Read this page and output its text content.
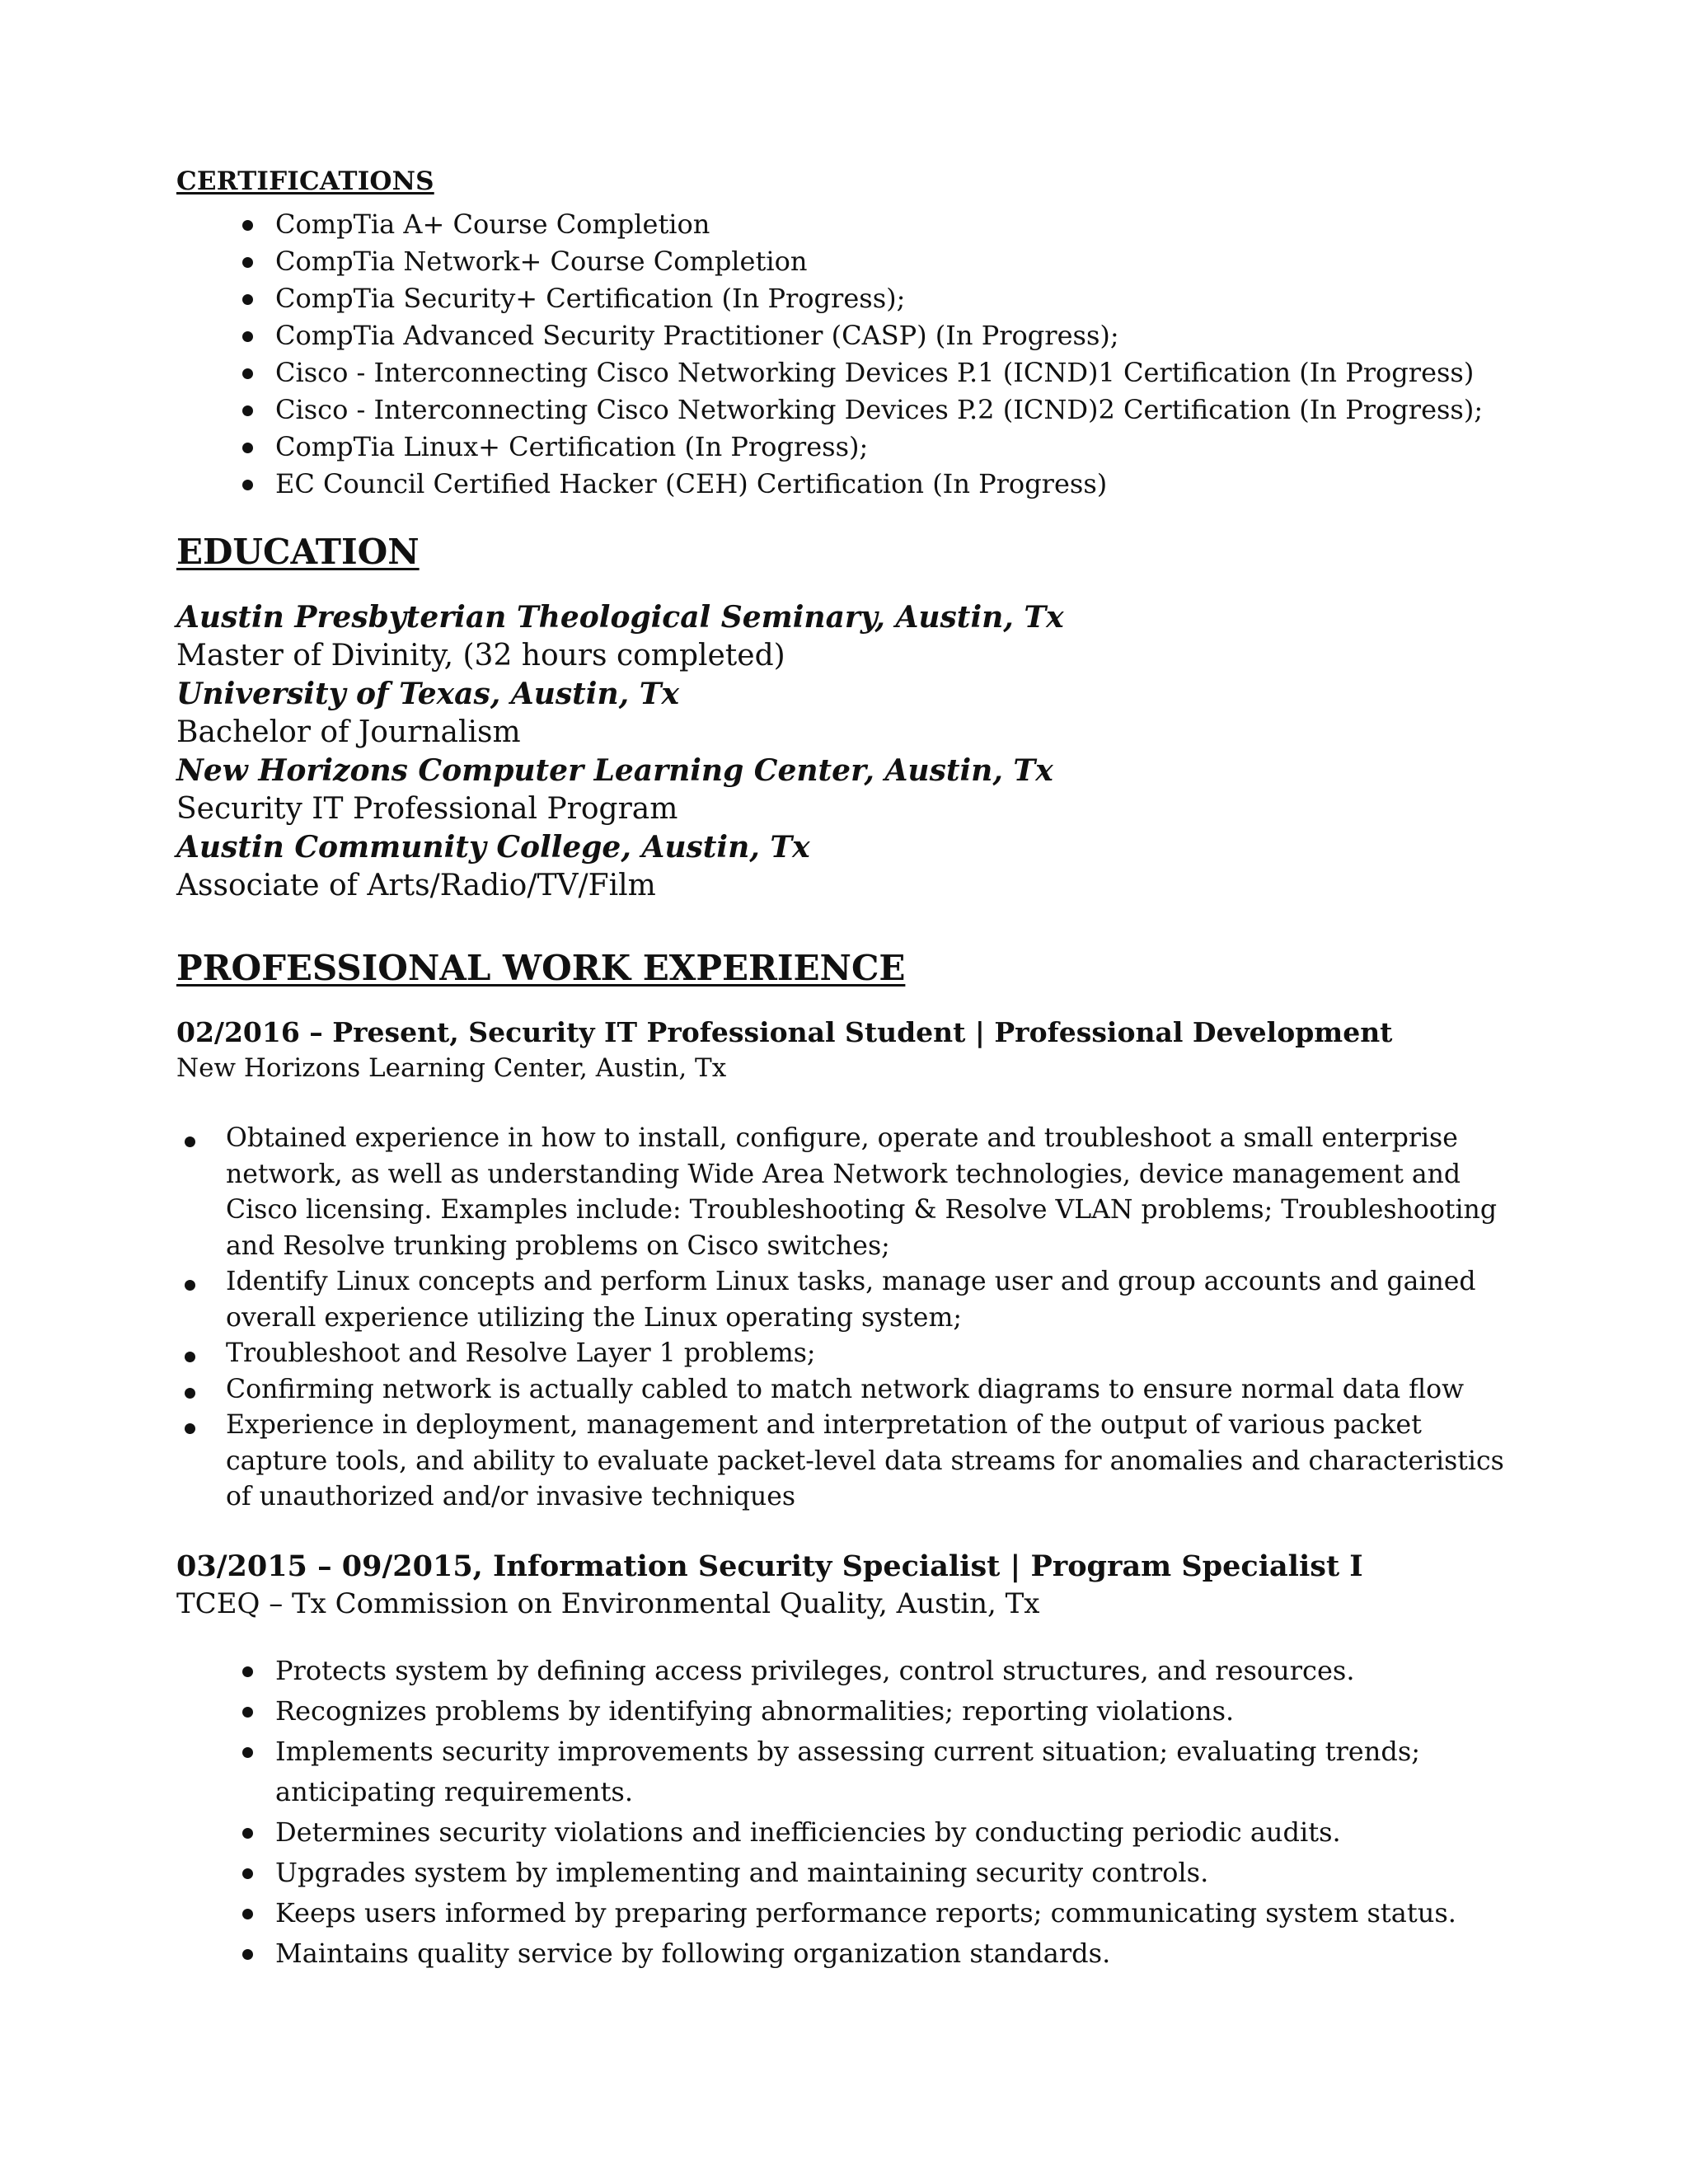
CERTIFICATIONS
CompTia A+ Course Completion
CompTia Network+ Course Completion
CompTia Security+ Certification (In Progress);
CompTia Advanced Security Practitioner (CASP) (In Progress);
Cisco - Interconnecting Cisco Networking Devices P.1 (ICND)1 Certification (In Progress)
Cisco - Interconnecting Cisco Networking Devices P.2 (ICND)2 Certification (In Progress);
CompTia Linux+ Certification (In Progress);
EC Council Certified Hacker (CEH) Certification (In Progress)
EDUCATION
Austin Presbyterian Theological Seminary, Austin, Tx
Master of Divinity, (32 hours completed)
University of Texas, Austin, Tx
Bachelor of Journalism
New Horizons Computer Learning Center, Austin, Tx
Security IT Professional Program
Austin Community College, Austin, Tx
Associate of Arts/Radio/TV/Film
PROFESSIONAL WORK EXPERIENCE
02/2016 – Present, Security IT Professional Student | Professional Development

New Horizons Learning Center, Austin, Tx

Obtained experience in how to install, configure, operate and troubleshoot a small enterprise network, as well as understanding Wide Area Network technologies, device management and Cisco licensing. Examples include: Troubleshooting & Resolve VLAN problems; Troubleshooting and Resolve trunking problems on Cisco switches;
Identify Linux concepts and perform Linux tasks, manage user and group accounts and gained overall experience utilizing the Linux operating system;
Troubleshoot and Resolve Layer 1 problems;
Confirming network is actually cabled to match network diagrams to ensure normal data flow
Experience in deployment, management and interpretation of the output of various packet capture tools, and ability to evaluate packet-level data streams for anomalies and characteristics of unauthorized and/or invasive techniques
03/2015 – 09/2015, Information Security Specialist | Program Specialist I

TCEQ – Tx Commission on Environmental Quality, Austin, Tx

Protects system by defining access privileges, control structures, and resources.
Recognizes problems by identifying abnormalities; reporting violations.
Implements security improvements by assessing current situation; evaluating trends; anticipating requirements.
Determines security violations and inefficiencies by conducting periodic audits.
Upgrades system by implementing and maintaining security controls.
Keeps users informed by preparing performance reports; communicating system status.
Maintains quality service by following organization standards.
